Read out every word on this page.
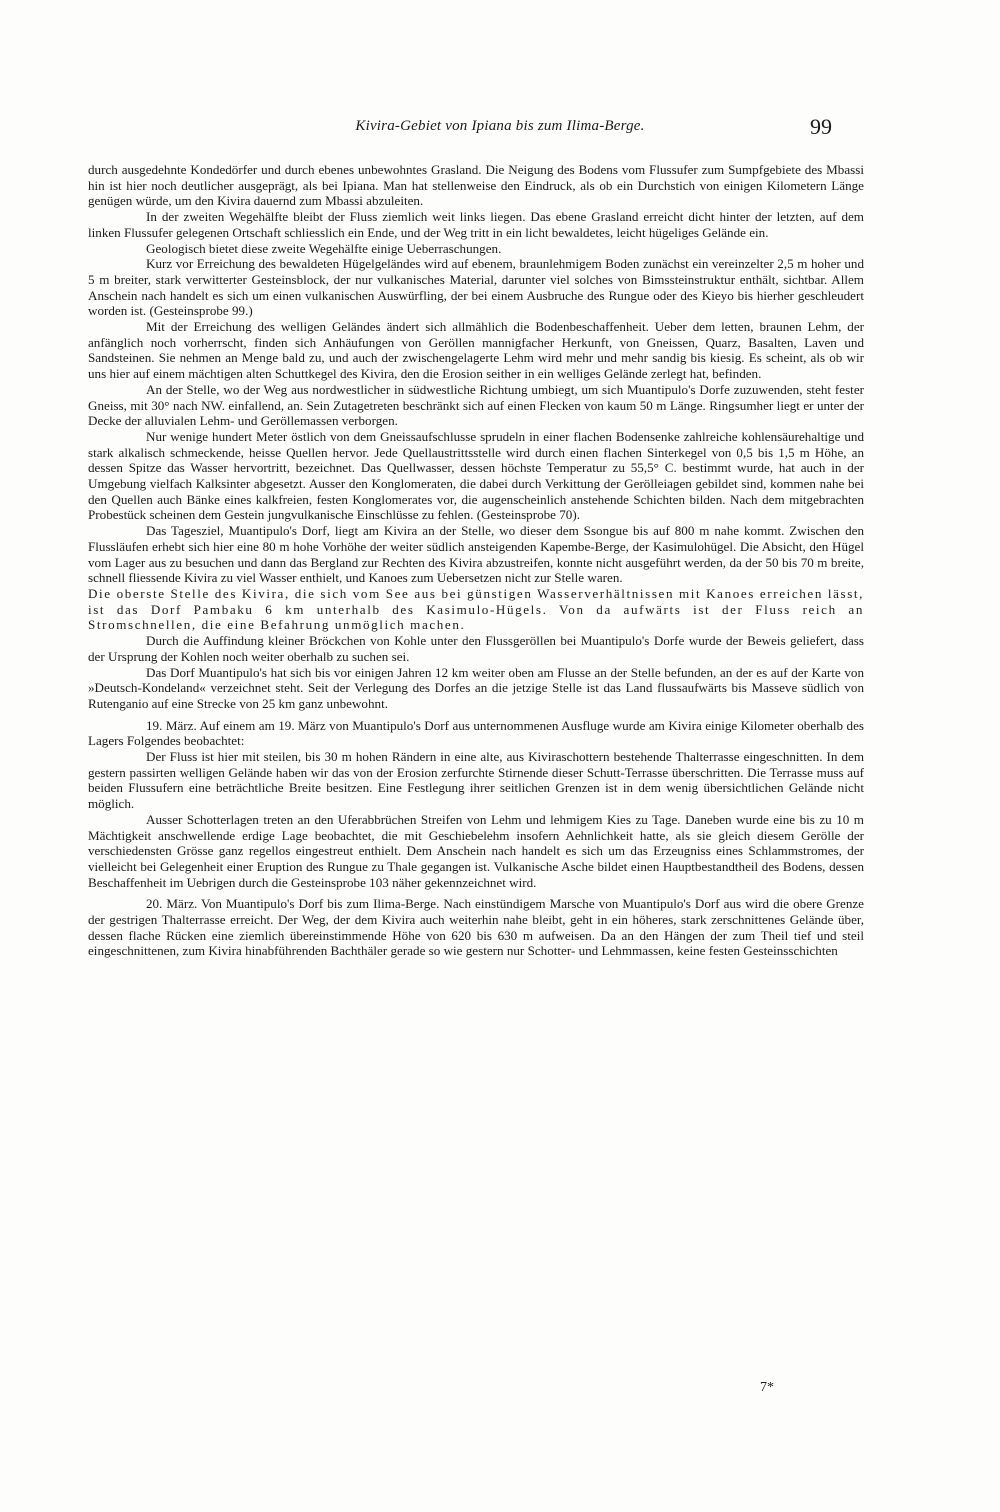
Kivira-Gebiet von Ipiana bis zum Ilima-Berge.	99

durch ausgedehnte Kondedörfer und durch ebenes unbewohntes Grasland. Die Neigung des Bodens vom Flussufer zum Sumpfgebiete des Mbassi hin ist hier noch deutlicher ausgeprägt, als bei Ipiana. Man hat stellenweise den Eindruck, als ob ein Durchstich von einigen Kilometern Länge genügen würde, um den Kivira dauernd zum Mbassi abzuleiten.

In der zweiten Wegehälfte bleibt der Fluss ziemlich weit links liegen. Das ebene Grasland erreicht dicht hinter der letzten, auf dem linken Flussufer gelegenen Ortschaft schliesslich ein Ende, und der Weg tritt in ein licht bewaldetes, leicht hügeliges Gelände ein.

Geologisch bietet diese zweite Wegehälfte einige Ueberraschungen.

Kurz vor Erreichung des bewaldeten Hügelgeländes wird auf ebenem, braunlehmigem Boden zunächst ein vereinzelter 2,5 m hoher und 5 m breiter, stark verwitterter Gesteinsblock, der nur vulkanisches Material, darunter viel solches von Bimssteinstruktur enthält, sichtbar. Allem Anschein nach handelt es sich um einen vulkanischen Auswürfling, der bei einem Ausbruche des Rungue oder des Kieyo bis hierher geschleudert worden ist. (Gesteinsprobe 99.)

Mit der Erreichung des welligen Geländes ändert sich allmählich die Bodenbeschaffenheit. Ueber dem letten, braunen Lehm, der anfänglich noch vorherrscht, finden sich Anhäufungen von Geröllen mannigfacher Herkunft, von Gneissen, Quarz, Basalten, Laven und Sandsteinen. Sie nehmen an Menge bald zu, und auch der zwischengelagerte Lehm wird mehr und mehr sandig bis kiesig. Es scheint, als ob wir uns hier auf einem mächtigen alten Schuttkegel des Kivira, den die Erosion seither in ein welliges Gelände zerlegt hat, befinden.

An der Stelle, wo der Weg aus nordwestlicher in südwestliche Richtung umbiegt, um sich Muantipulo's Dorfe zuzuwenden, steht fester Gneiss, mit 30° nach NW. einfallend, an. Sein Zutagetreten beschränkt sich auf einen Flecken von kaum 50 m Länge. Ringsumher liegt er unter der Decke der alluvialen Lehm- und Geröllemassen verborgen.

Nur wenige hundert Meter östlich von dem Gneissaufschlusse sprudeln in einer flachen Bodensenke zahlreiche kohlensäurehaltige und stark alkalisch schmeckende, heisse Quellen hervor. Jede Quellaustrittsstelle wird durch einen flachen Sinterkegel von 0,5 bis 1,5 m Höhe, an dessen Spitze das Wasser hervortritt, bezeichnet. Das Quellwasser, dessen höchste Temperatur zu 55,5° C. bestimmt wurde, hat auch in der Umgebung vielfach Kalksinter abgesetzt. Ausser den Konglomeraten, die dabei durch Verkittung der Gerölleiagen gebildet sind, kommen nahe bei den Quellen auch Bänke eines kalkfreien, festen Konglomerates vor, die augenscheinlich anstehende Schichten bilden. Nach dem mitgebrachten Probestück scheinen dem Gestein jungvulkanische Einschlüsse zu fehlen. (Gesteinsprobe 70).

Das Tagesziel, Muantipulo's Dorf, liegt am Kivira an der Stelle, wo dieser dem Ssongue bis auf 800 m nahe kommt. Zwischen den Flussläufen erhebt sich hier eine 80 m hohe Vorhöhe der weiter südlich ansteigenden Kapembe-Berge, der Kasimulohügel. Die Absicht, den Hügel vom Lager aus zu besuchen und dann das Bergland zur Rechten des Kivira abzustreifen, konnte nicht ausgeführt werden, da der 50 bis 70 m breite, schnell fliessende Kivira zu viel Wasser enthielt, und Kanoes zum Uebersetzen nicht zur Stelle waren.

Die oberste Stelle des Kivira, die sich vom See aus bei günstigen Wasserverhältnissen mit Kanoes erreichen lässt, ist das Dorf Pambaku 6 km unterhalb des Kasimulo-Hügels. Von da aufwärts ist der Fluss reich an Stromschnellen, die eine Befahrung unmöglich machen.

Durch die Auffindung kleiner Bröckchen von Kohle unter den Flussgeröllen bei Muantipulo's Dorfe wurde der Beweis geliefert, dass der Ursprung der Kohlen noch weiter oberhalb zu suchen sei.

Das Dorf Muantipulo's hat sich bis vor einigen Jahren 12 km weiter oben am Flusse an der Stelle befunden, an der es auf der Karte von »Deutsch-Kondeland« verzeichnet steht. Seit der Verlegung des Dorfes an die jetzige Stelle ist das Land flussaufwärts bis Masseve südlich von Rutenganio auf eine Strecke von 25 km ganz unbewohnt.

19. März. Auf einem am 19. März von Muantipulo's Dorf aus unternommenen Ausfluge wurde am Kivira einige Kilometer oberhalb des Lagers Folgendes beobachtet:

Der Fluss ist hier mit steilen, bis 30 m hohen Rändern in eine alte, aus Kiviraschottern bestehende Thalterrasse eingeschnitten. In dem gestern passirten welligen Gelände haben wir das von der Erosion zerfurchte Stirnende dieser Schutt-Terrasse überschritten. Die Terrasse muss auf beiden Flussufern eine beträchtliche Breite besitzen. Eine Festlegung ihrer seitlichen Grenzen ist in dem wenig übersichtlichen Gelände nicht möglich.

Ausser Schotterlagen treten an den Uferabbrüchen Streifen von Lehm und lehmigem Kies zu Tage. Daneben wurde eine bis zu 10 m Mächtigkeit anschwellende erdige Lage beobachtet, die mit Geschiebelehm insofern Aehnlichkeit hatte, als sie gleich diesem Gerölle der verschiedensten Grösse ganz regellos eingestreut enthielt. Dem Anschein nach handelt es sich um das Erzeugniss eines Schlammstromes, der vielleicht bei Gelegenheit einer Eruption des Rungue zu Thale gegangen ist. Vulkanische Asche bildet einen Hauptbestandtheil des Bodens, dessen Beschaffenheit im Uebrigen durch die Gesteinsprobe 103 näher gekennzeichnet wird.

20. März. Von Muantipulo's Dorf bis zum Ilima-Berge. Nach einstündigem Marsche von Muantipulo's Dorf aus wird die obere Grenze der gestrigen Thalterrasse erreicht. Der Weg, der dem Kivira auch weiterhin nahe bleibt, geht in ein höheres, stark zerschnittenes Gelände über, dessen flache Rücken eine ziemlich übereinstimmende Höhe von 620 bis 630 m aufweisen. Da an den Hängen der zum Theil tief und steil eingeschnittenen, zum Kivira hinabführenden Bachthäler gerade so wie gestern nur Schotter- und Lehmmassen, keine festen Gesteinsschichten

7*
